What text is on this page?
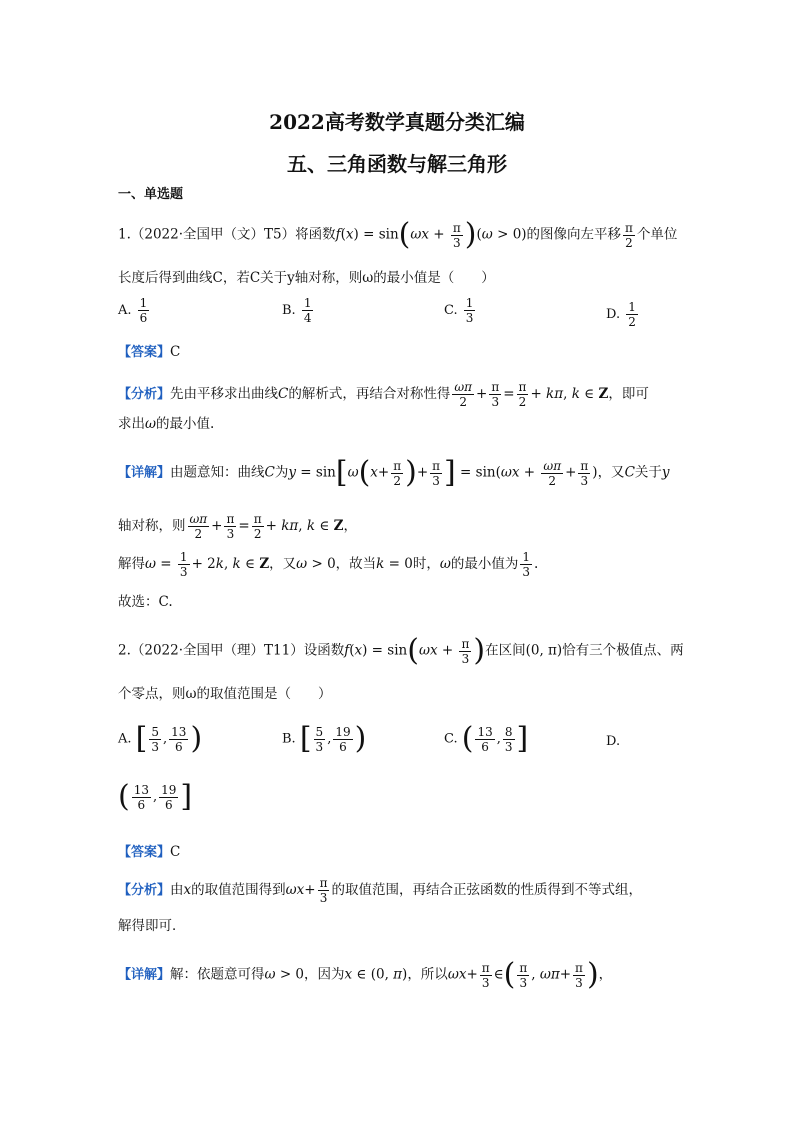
2022高考数学真题分类汇编
五、三角函数与解三角形
一、单选题
1.（2022·全国甲（文）T5）将函数$f(x) = \sin(\omega x + \frac{\pi}{3} )(\omega > 0)$的图像向左平移 $\frac{\pi}{2}$ 个单位
长度后得到曲线C，若C关于y轴对称，则ω的最小值是（　　）
A. $\frac{1}{6}$	B. $\frac{1}{4}$	C. $\frac{1}{3}$	D. $\frac{1}{2}$
【答案】C
【分析】先由平移求出曲线C的解析式，再结合对称性得 $\frac{\omega\pi}{2} + \frac{\pi}{3} = \frac{\pi}{2} + k\pi$, k ∈ Z，即可
求出ω的最小值.
【详解】由题意知：曲线C为$y = \sin[\omega(x+ \frac{\pi}{2}$ )+ $\frac{\pi}{3}$ ] = $\sin(\omega x + \frac{\omega\pi}{2} + \frac{\pi}{3}$ )，又C关于y
轴对称，则 $\frac{\omega\pi}{2} + \frac{\pi}{3} = \frac{\pi}{2} + k\pi$, k ∈ Z，
解得$\omega = \frac{1}{3} + 2k$, k ∈ Z，又ω > 0，故当k = 0时，ω的最小值为 $\frac{1}{3}$ .
故选：C.
2.（2022·全国甲（理）T11）设函数$f(x) = \sin(\omega x + \frac{\pi}{3}$ )在区间(0, π)恰有三个极值点、两
个零点，则ω的取值范围是（　　）
A. [ $\frac{5}{3}$ , $\frac{13}{6}$ )	B. [ $\frac{5}{3}$ , $\frac{19}{6}$ )	C. ( $\frac{13}{6}$ , $\frac{8}{3}$ ]	D.
( $\frac{13}{6}$ , $\frac{19}{6}$ ]
【答案】C
【分析】由x的取值范围得到$\omega x+ \frac{\pi}{3}$ 的取值范围，再结合正弦函数的性质得到不等式组，
解得即可．
【详解】解：依题意可得ω > 0，因为x ∈ (0, π)，所以$\omega x+ \frac{\pi}{3}$ ∈( $\frac{\pi}{3}$ , $\omega\pi+ \frac{\pi}{3}$ )，
